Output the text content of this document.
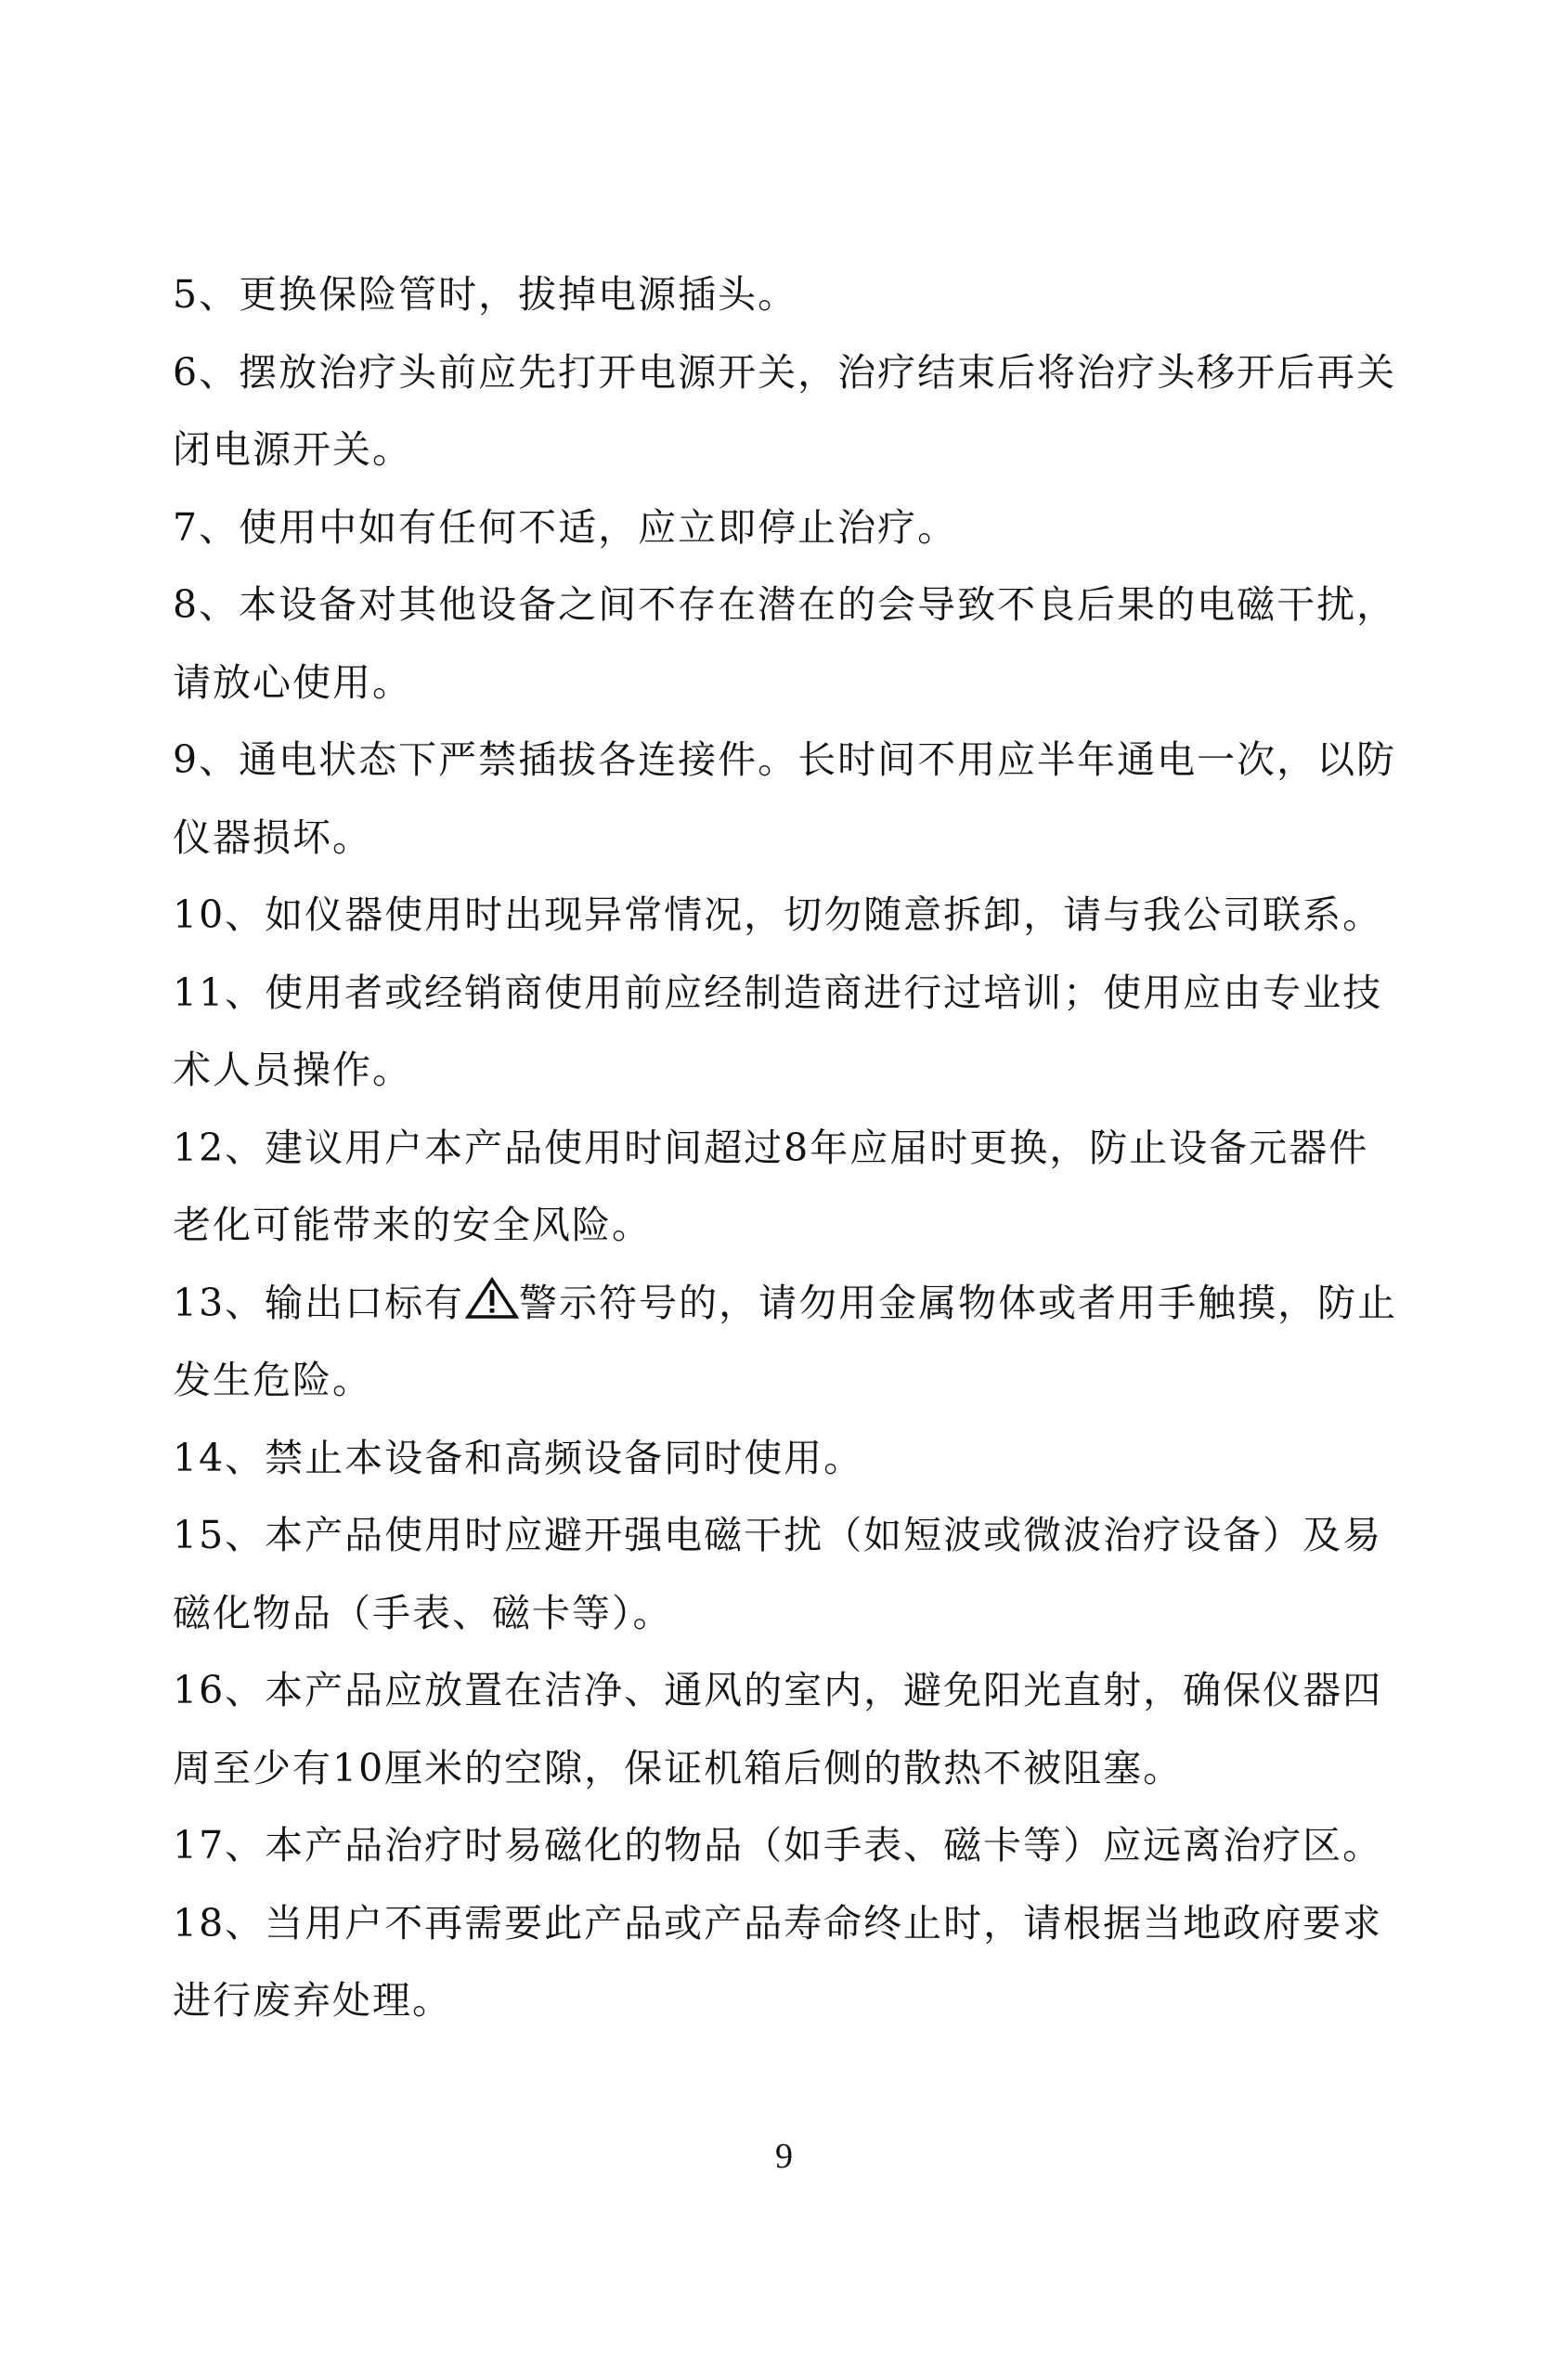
5、更换保险管时，拔掉电源插头。
6、摆放治疗头前应先打开电源开关，治疗结束后将治疗头移开后再关闭电源开关。
7、使用中如有任何不适，应立即停止治疗。
8、本设备对其他设备之间不存在潜在的会导致不良后果的电磁干扰，请放心使用。
9、通电状态下严禁插拔各连接件。长时间不用应半年通电一次，以防仪器损坏。
10、如仪器使用时出现异常情况，切勿随意拆卸，请与我公司联系。
11、使用者或经销商使用前应经制造商进行过培训；使用应由专业技术人员操作。
12、建议用户本产品使用时间超过8年应届时更换，防止设备元器件老化可能带来的安全风险。
13、输出口标有 警示符号的，请勿用金属物体或者用手触摸，防止发生危险。
14、禁止本设备和高频设备同时使用。
15、本产品使用时应避开强电磁干扰（如短波或微波治疗设备）及易磁化物品（手表、磁卡等）。
16、本产品应放置在洁净、通风的室内，避免阳光直射，确保仪器四周至少有10厘米的空隙，保证机箱后侧的散热不被阻塞。
17、本产品治疗时易磁化的物品（如手表、磁卡等）应远离治疗区。
18、当用户不再需要此产品或产品寿命终止时，请根据当地政府要求进行废弃处理。
9
